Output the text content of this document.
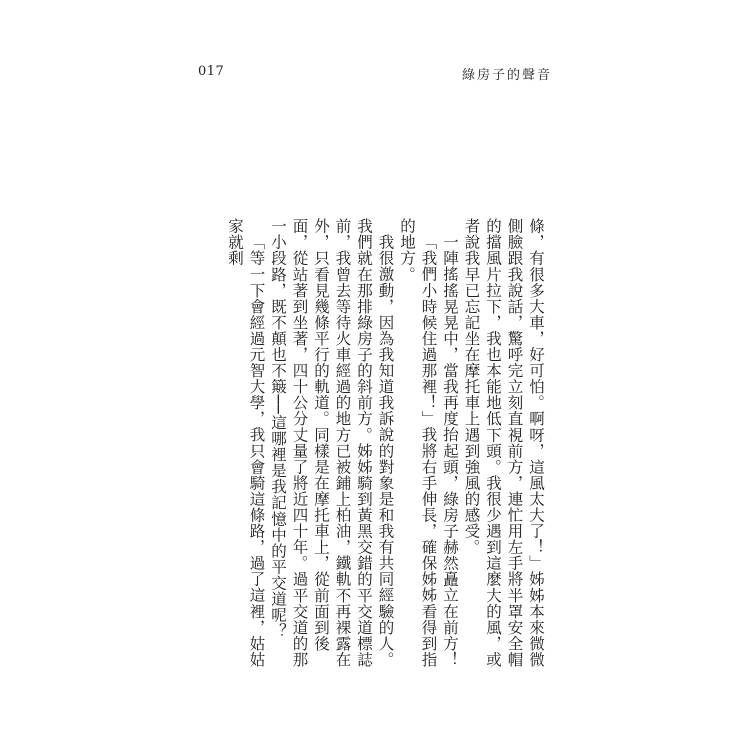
017	綠房子的聲音

條，有很多大車，好可怕。啊呀，這風太大了！」姊姊本來微微側臉跟我說話，驚呼完立刻直視前方，連忙用左手將半罩安全帽的擋風片拉下，我也本能地低下頭。我很少遇到這麼大的風，或者說我早已忘記坐在摩托車上遇到強風的感受。

一陣搖搖晃晃中，當我再度抬起頭，綠房子赫然矗立在前方！

「我們小時候住過那裡！」我將右手伸長，確保姊姊看得到指的地方。

我很激動，因為我知道我訴說的對象是和我有共同經驗的人。我們就在那排綠房子的斜前方。姊姊騎到黃黑交錯的平交道標誌前，我曾去等待火車經過的地方已被鋪上柏油，鐵軌不再裸露在外，只看見幾條平行的軌道。同樣是在摩托車上，從前面到後面，從站著到坐著，四十公分丈量了將近四十年。過平交道的那一小段路，既不顛也不簸──這哪裡是我記憶中的平交道呢？

「等一下會經過元智大學，我只會騎這條路，過了這裡，姑姑家就剩
